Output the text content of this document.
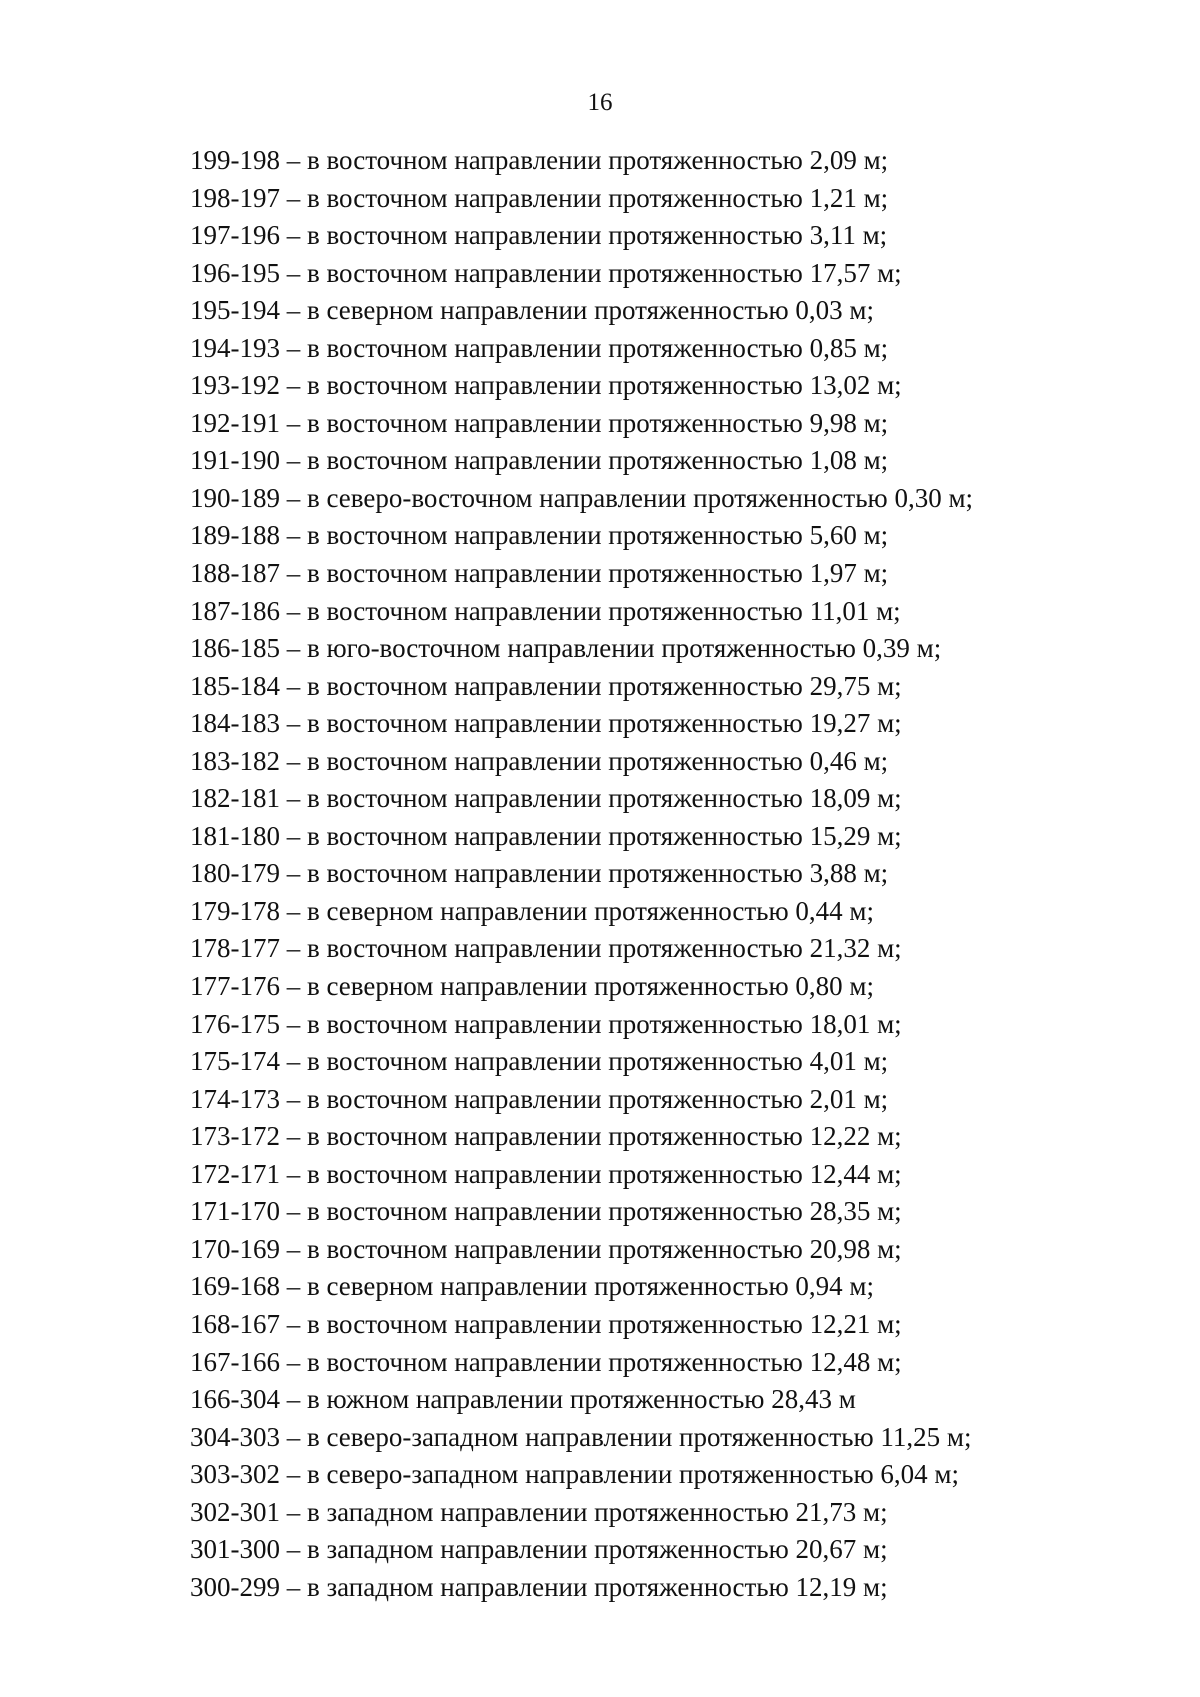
16
199-198 – в восточном направлении протяженностью 2,09 м;
198-197 – в восточном направлении протяженностью 1,21 м;
197-196 – в восточном направлении протяженностью 3,11 м;
196-195 – в восточном направлении протяженностью 17,57 м;
195-194 – в северном направлении протяженностью 0,03 м;
194-193 – в восточном направлении протяженностью 0,85 м;
193-192 – в восточном направлении протяженностью 13,02 м;
192-191 – в восточном направлении протяженностью 9,98 м;
191-190 – в восточном направлении протяженностью 1,08 м;
190-189 – в северо-восточном направлении протяженностью 0,30 м;
189-188 – в восточном направлении протяженностью 5,60 м;
188-187 – в восточном направлении протяженностью 1,97 м;
187-186 – в восточном направлении протяженностью 11,01 м;
186-185 – в юго-восточном направлении протяженностью 0,39 м;
185-184 – в восточном направлении протяженностью 29,75 м;
184-183 – в восточном направлении протяженностью 19,27 м;
183-182 – в восточном направлении протяженностью 0,46 м;
182-181 – в восточном направлении протяженностью 18,09 м;
181-180 – в восточном направлении протяженностью 15,29 м;
180-179 – в восточном направлении протяженностью 3,88 м;
179-178 – в северном направлении протяженностью 0,44 м;
178-177 – в восточном направлении протяженностью 21,32 м;
177-176 – в северном направлении протяженностью 0,80 м;
176-175 – в восточном направлении протяженностью 18,01 м;
175-174 – в восточном направлении протяженностью 4,01 м;
174-173 – в восточном направлении протяженностью 2,01 м;
173-172 – в восточном направлении протяженностью 12,22 м;
172-171 – в восточном направлении протяженностью 12,44 м;
171-170 – в восточном направлении протяженностью 28,35 м;
170-169 – в восточном направлении протяженностью 20,98 м;
169-168 – в северном направлении протяженностью 0,94 м;
168-167 – в восточном направлении протяженностью 12,21 м;
167-166 – в восточном направлении протяженностью 12,48 м;
166-304 – в южном направлении протяженностью 28,43 м
304-303 – в северо-западном направлении протяженностью 11,25 м;
303-302 – в северо-западном направлении протяженностью 6,04 м;
302-301 – в западном направлении протяженностью 21,73 м;
301-300 – в западном направлении протяженностью 20,67 м;
300-299 – в западном направлении протяженностью 12,19 м;
